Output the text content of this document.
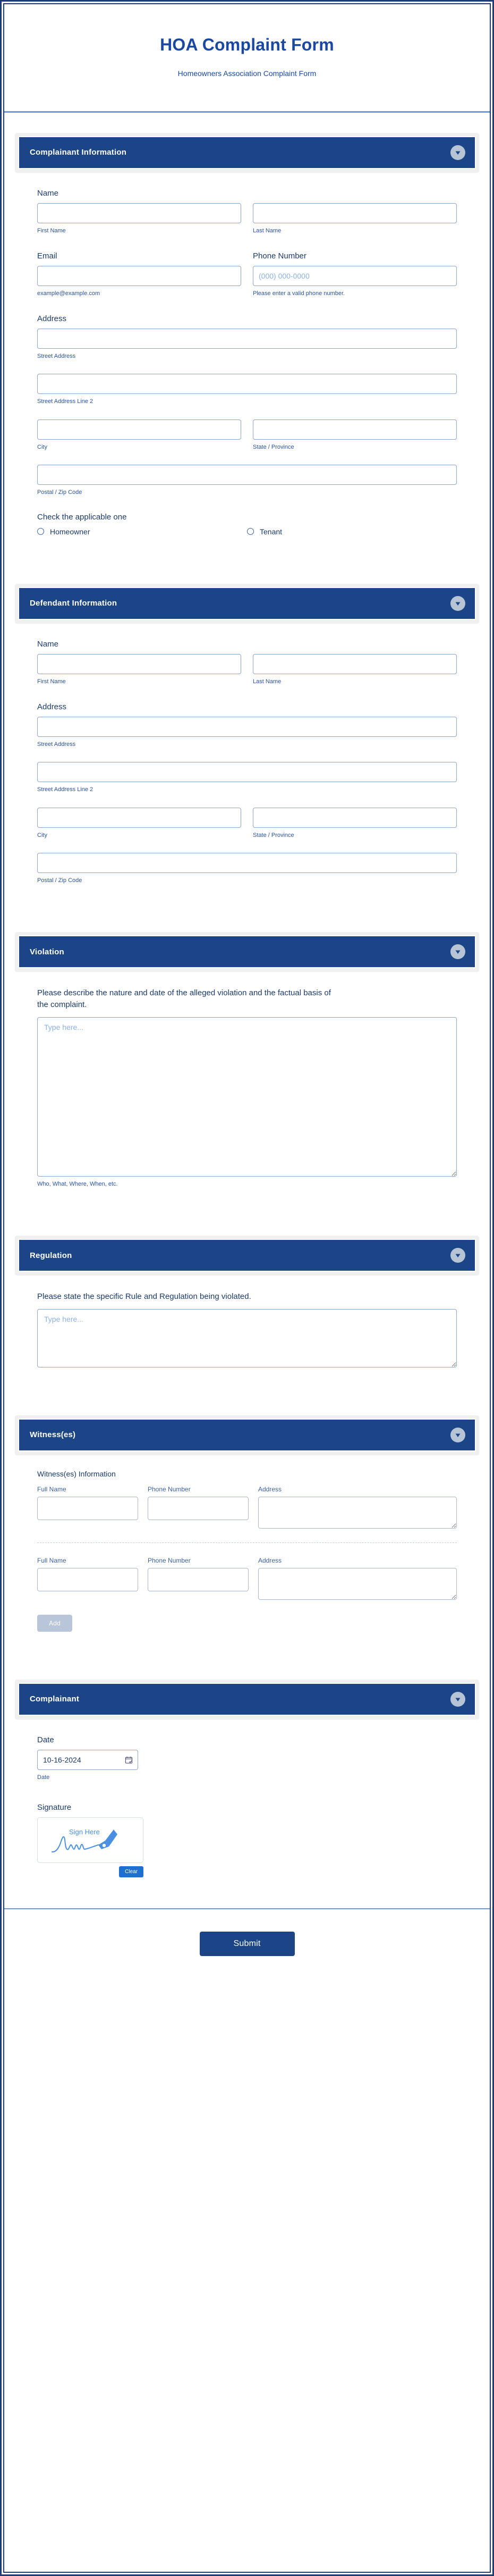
HOA Complaint Form

Homeowners Association Complaint Form

Complainant Information
Name
First Name	Last Name
Email
example@example.com
Phone Number
(000) 000-0000
Please enter a valid phone number.
Address
Street Address
Street Address Line 2
City	State / Province
Postal / Zip Code
Check the applicable one
Homeowner	Tenant
Defendant Information
Name
First Name	Last Name
Address
Street Address
Street Address Line 2
City	State / Province
Postal / Zip Code
Violation
Please describe the nature and date of the alleged violation and the factual basis of the complaint.
Type here...
Who, What, Where, When, etc.
Regulation
Please state the specific Rule and Regulation being violated.
Type here...
Witness(es)
Witness(es) Information
Full Name	Phone Number	Address
Full Name	Phone Number	Address
Add
Complainant
Date
10-16-2024
Date
Signature
Sign Here
Clear
Submit
